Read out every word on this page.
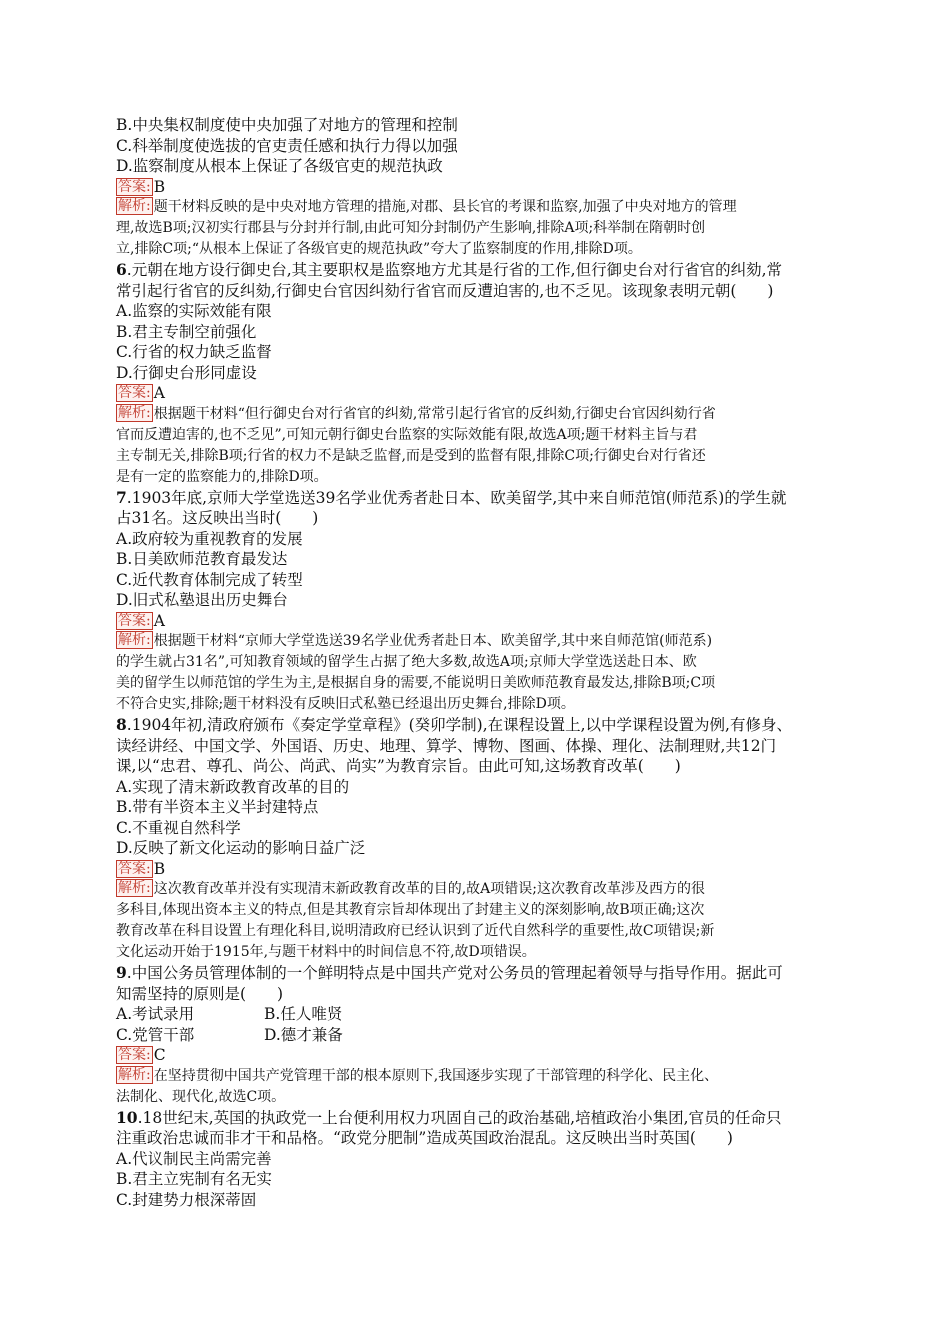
B.中央集权制度使中央加强了对地方的管理和控制
C.科举制度使选拔的官吏责任感和执行力得以加强
D.监察制度从根本上保证了各级官吏的规范执政
答案: B
解析: 题干材料反映的是中央对地方管理的措施,对郡、县长官的考课和监察,加强了中央对地方的管理
理,故选B项;汉初实行郡县与分封并行制,由此可知分封制仍产生影响,排除A项;科举制在隋朝时创
立,排除C项;“从根本上保证了各级官吏的规范执政”夸大了监察制度的作用,排除D项。
6.元朝在地方设行御史台,其主要职权是监察地方尤其是行省的工作,但行御史台对行省官的纠劾,常
常引起行省官的反纠劾,行御史台官因纠劾行省官而反遭迫害的,也不乏见。该现象表明元朝(　　)
A.监察的实际效能有限
B.君主专制空前强化
C.行省的权力缺乏监督
D.行御史台形同虚设
答案: A
解析: 根据题干材料“但行御史台对行省官的纠劾,常常引起行省官的反纠劾,行御史台官因纠劾行省
官而反遭迫害的,也不乏见”,可知元朝行御史台监察的实际效能有限,故选A项;题干材料主旨与君
主专制无关,排除B项;行省的权力不是缺乏监督,而是受到的监督有限,排除C项;行御史台对行省还
是有一定的监察能力的,排除D项。
7.1903年底,京师大学堂选送39名学业优秀者赴日本、欧美留学,其中来自师范馆(师范系)的学生就
占31名。这反映出当时(　　)
A.政府较为重视教育的发展
B.日美欧师范教育最发达
C.近代教育体制完成了转型
D.旧式私塾退出历史舞台
答案: A
解析: 根据题干材料“京师大学堂选送39名学业优秀者赴日本、欧美留学,其中来自师范馆(师范系)
的学生就占31名”,可知教育领域的留学生占据了绝大多数,故选A项;京师大学堂选送赴日本、欧
美的留学生以师范馆的学生为主,是根据自身的需要,不能说明日美欧师范教育最发达,排除B项;C项
不符合史实,排除;题干材料没有反映旧式私塾已经退出历史舞台,排除D项。
8.1904年初,清政府颁布《奏定学堂章程》(癸卯学制),在课程设置上,以中学课程设置为例,有修身、
读经讲经、中国文学、外国语、历史、地理、算学、博物、图画、体操、理化、法制理财,共12门
课,以“忠君、尊孔、尚公、尚武、尚实”为教育宗旨。由此可知,这场教育改革(　　)
A.实现了清末新政教育改革的目的
B.带有半资本主义半封建特点
C.不重视自然科学
D.反映了新文化运动的影响日益广泛
答案: B
解析: 这次教育改革并没有实现清末新政教育改革的目的,故A项错误;这次教育改革涉及西方的很
多科目,体现出资本主义的特点,但是其教育宗旨却体现出了封建主义的深刻影响,故B项正确;这次
教育改革在科目设置上有理化科目,说明清政府已经认识到了近代自然科学的重要性,故C项错误;新
文化运动开始于1915年,与题干材料中的时间信息不符,故D项错误。
9.中国公务员管理体制的一个鲜明特点是中国共产党对公务员的管理起着领导与指导作用。据此可
知需坚持的原则是(　　)
A.考试录用	B.任人唯贤
C.党管干部	D.德才兼备
答案: C
解析: 在坚持贯彻中国共产党管理干部的根本原则下,我国逐步实现了干部管理的科学化、民主化、
法制化、现代化,故选C项。
10.18世纪末,英国的执政党一上台便利用权力巩固自己的政治基础,培植政治小集团,官员的任命只
注重政治忠诚而非才干和品格。“政党分肥制”造成英国政治混乱。这反映出当时英国(　　)
A.代议制民主尚需完善
B.君主立宪制有名无实
C.封建势力根深蒂固
